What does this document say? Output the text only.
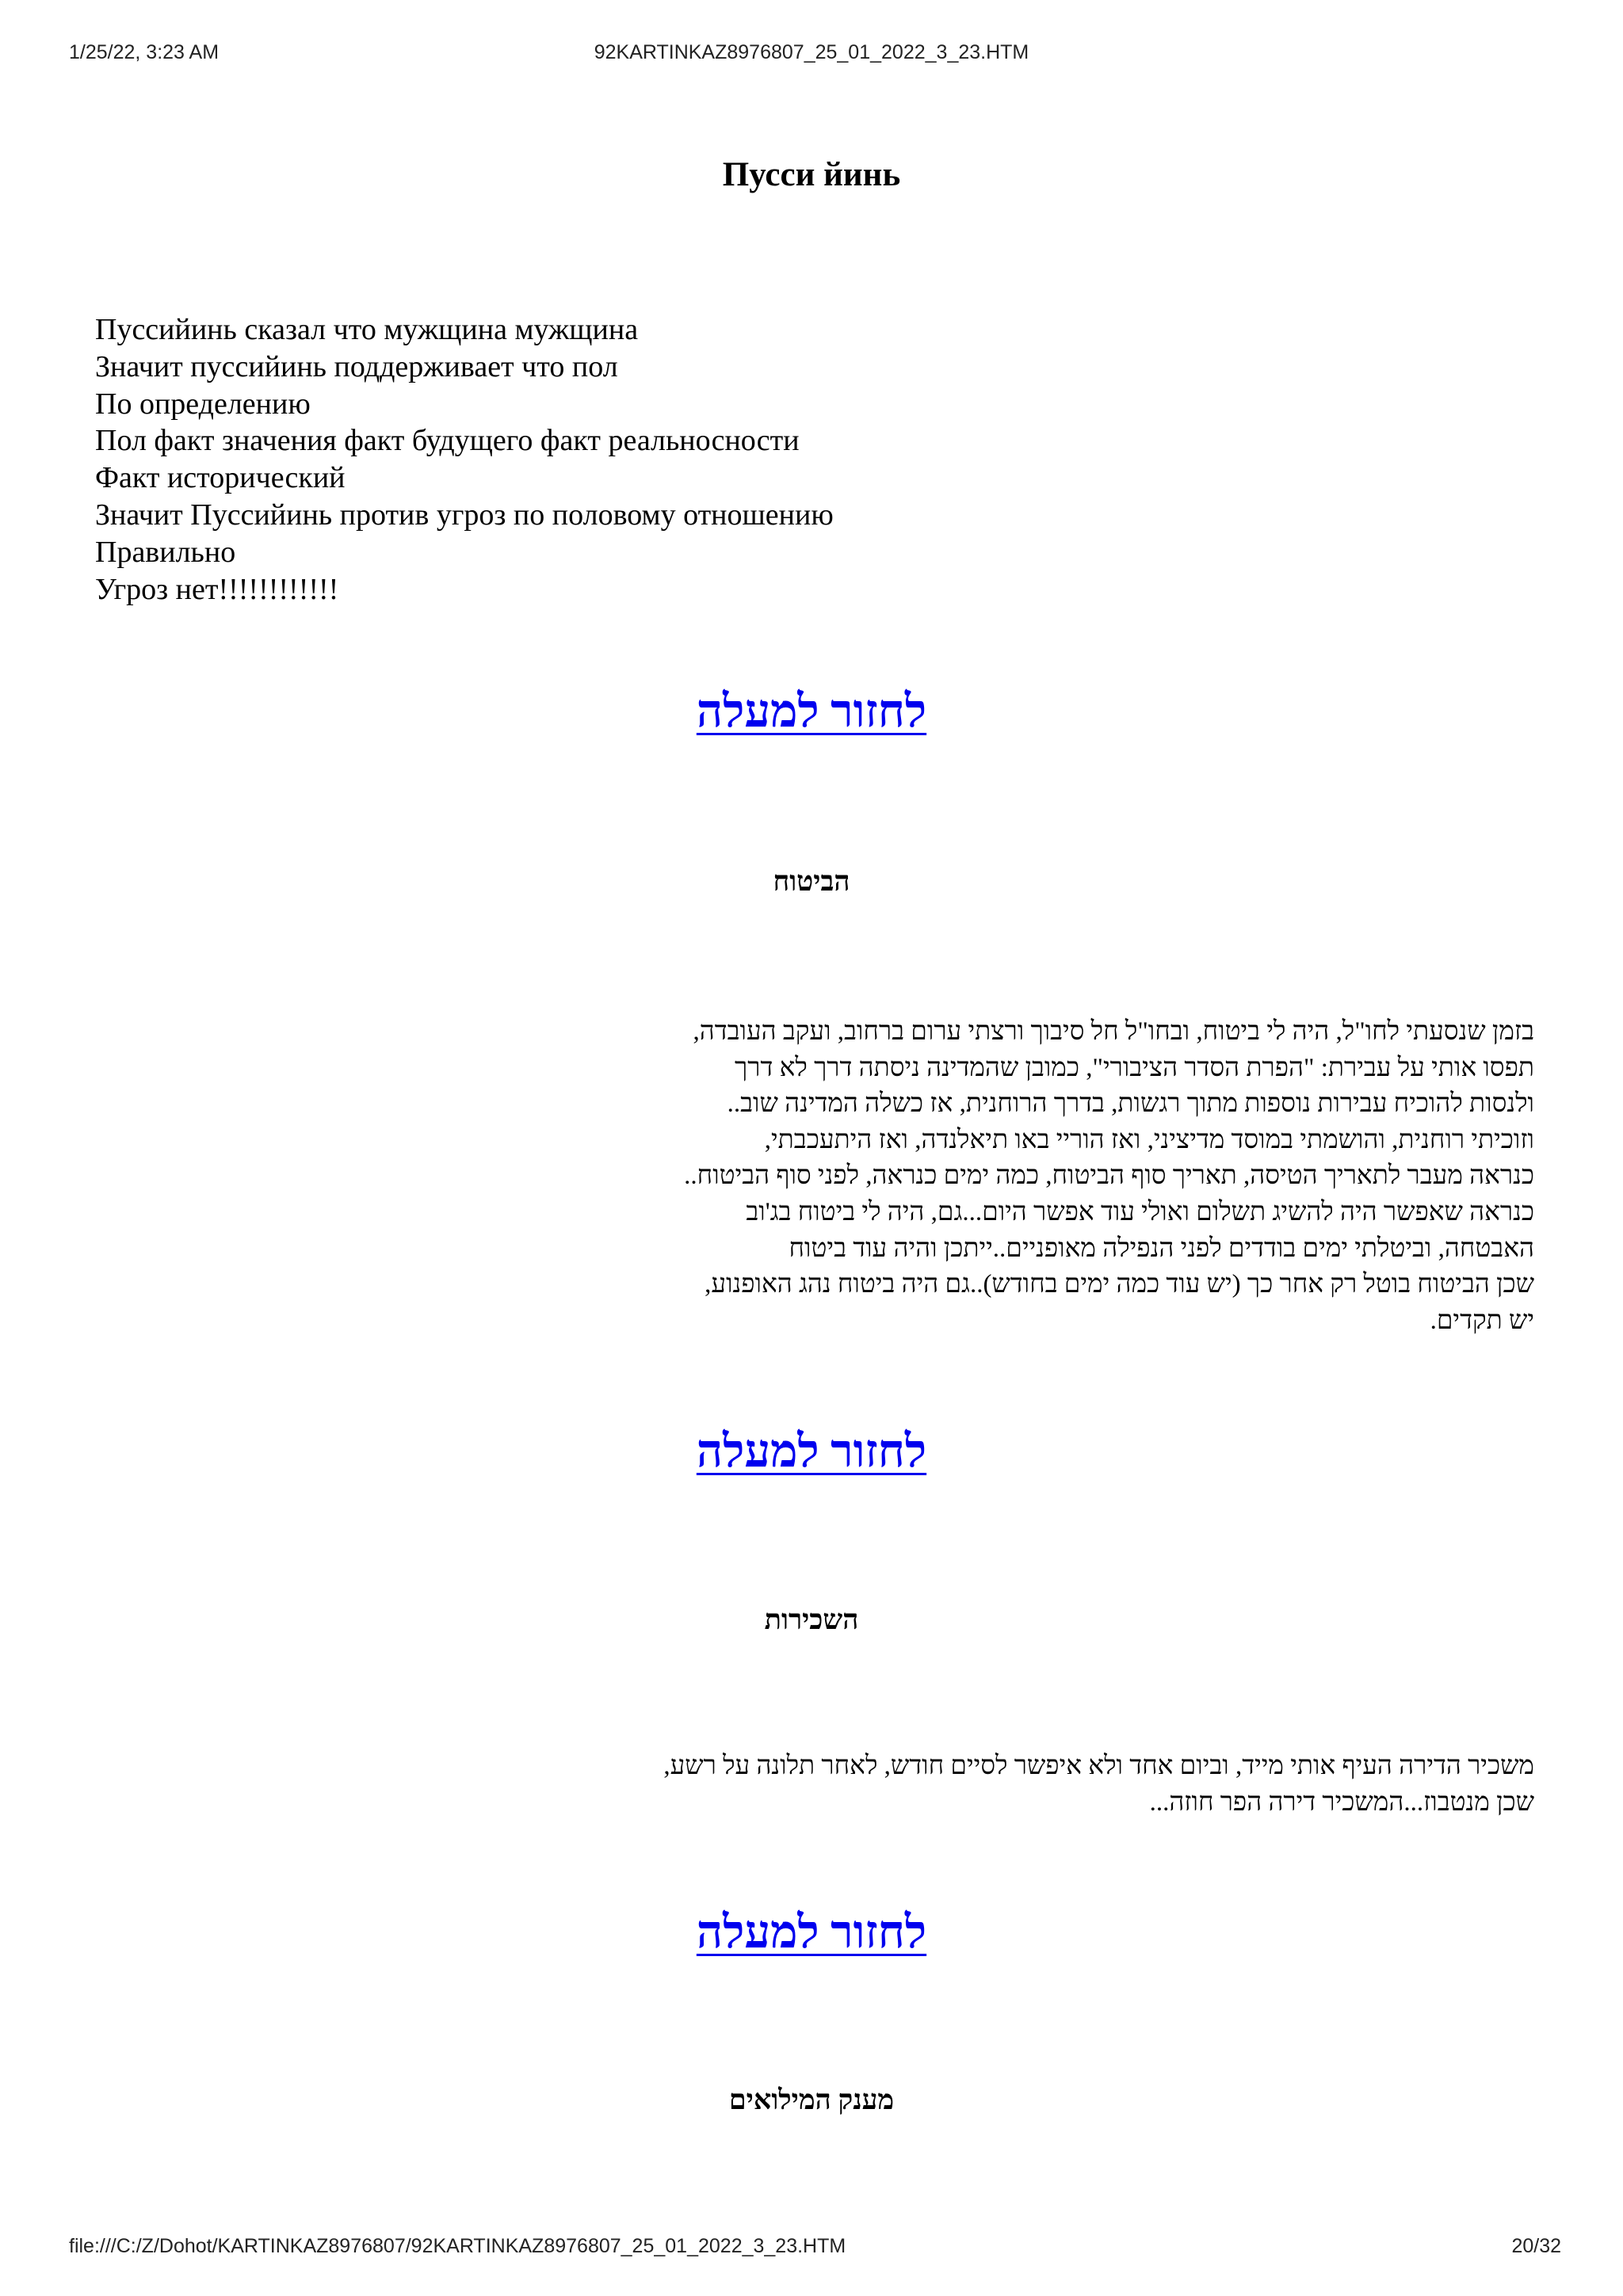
1/25/22, 3:23 AM	92KARTINKAZ8976807_25_01_2022_3_23.HTM
Пусси йинь
Пуссийинь сказал что мужщина мужщина
Значит пуссийинь поддерживает что пол
По определению
Пол факт значения факт будущего факт реальносности
Факт исторический
Значит Пуссийинь против угроз по половому отношению
Правильно
Угроз нет!!!!!!!!!!!!
לחזור למעלה
הביטוח
בזמן שנסעתי לחו"ל, היה לי ביטוח, ובחו"ל חל סיבוך ורצתי ערום ברחוב, ועקב העובדה,
תפסו אותי על עבירת: "הפרת הסדר הציבורי", כמובן שהמדינה ניסתה דרך לא דרך
ולנסות להוכיח עבירות נוספות מתוך רגשות, בדרך הרוחנית, אז כשלה המדינה שוב..
וזוכיתי רוחנית, והושמתי במוסד מדיציני, ואז הוריי באו תיאלנדה, ואז היתעכבתי,
כנראה מעבר לתאריך הטיסה, תאריך סוף הביטוח, כמה ימים כנראה, לפני סוף הביטוח..
כנראה שאפשר היה להשיג תשלום ואולי עוד אפשר היום...גם, היה לי ביטוח בג'וב
האבטחה, וביטלתי ימים בודדים לפני הנפילה מאופניים..ייתכן והיה עוד ביטוח
שכן הביטוח בוטל רק אחר כך (יש עוד כמה ימים בחודש)..גם היה ביטוח נהג האופנוע,
יש תקדים.
לחזור למעלה
השכירות
משכיר הדירה העיף אותי מייד, וביום אחד ולא איפשר לסיים חודש, לאחר תלונה על רשע,
שכן מנטבוז...המשכיר דירה הפר חוזה...
לחזור למעלה
מענק המילואים
file:///C:/Z/Dohot/KARTINKAZ8976807/92KARTINKAZ8976807_25_01_2022_3_23.HTM	20/32
